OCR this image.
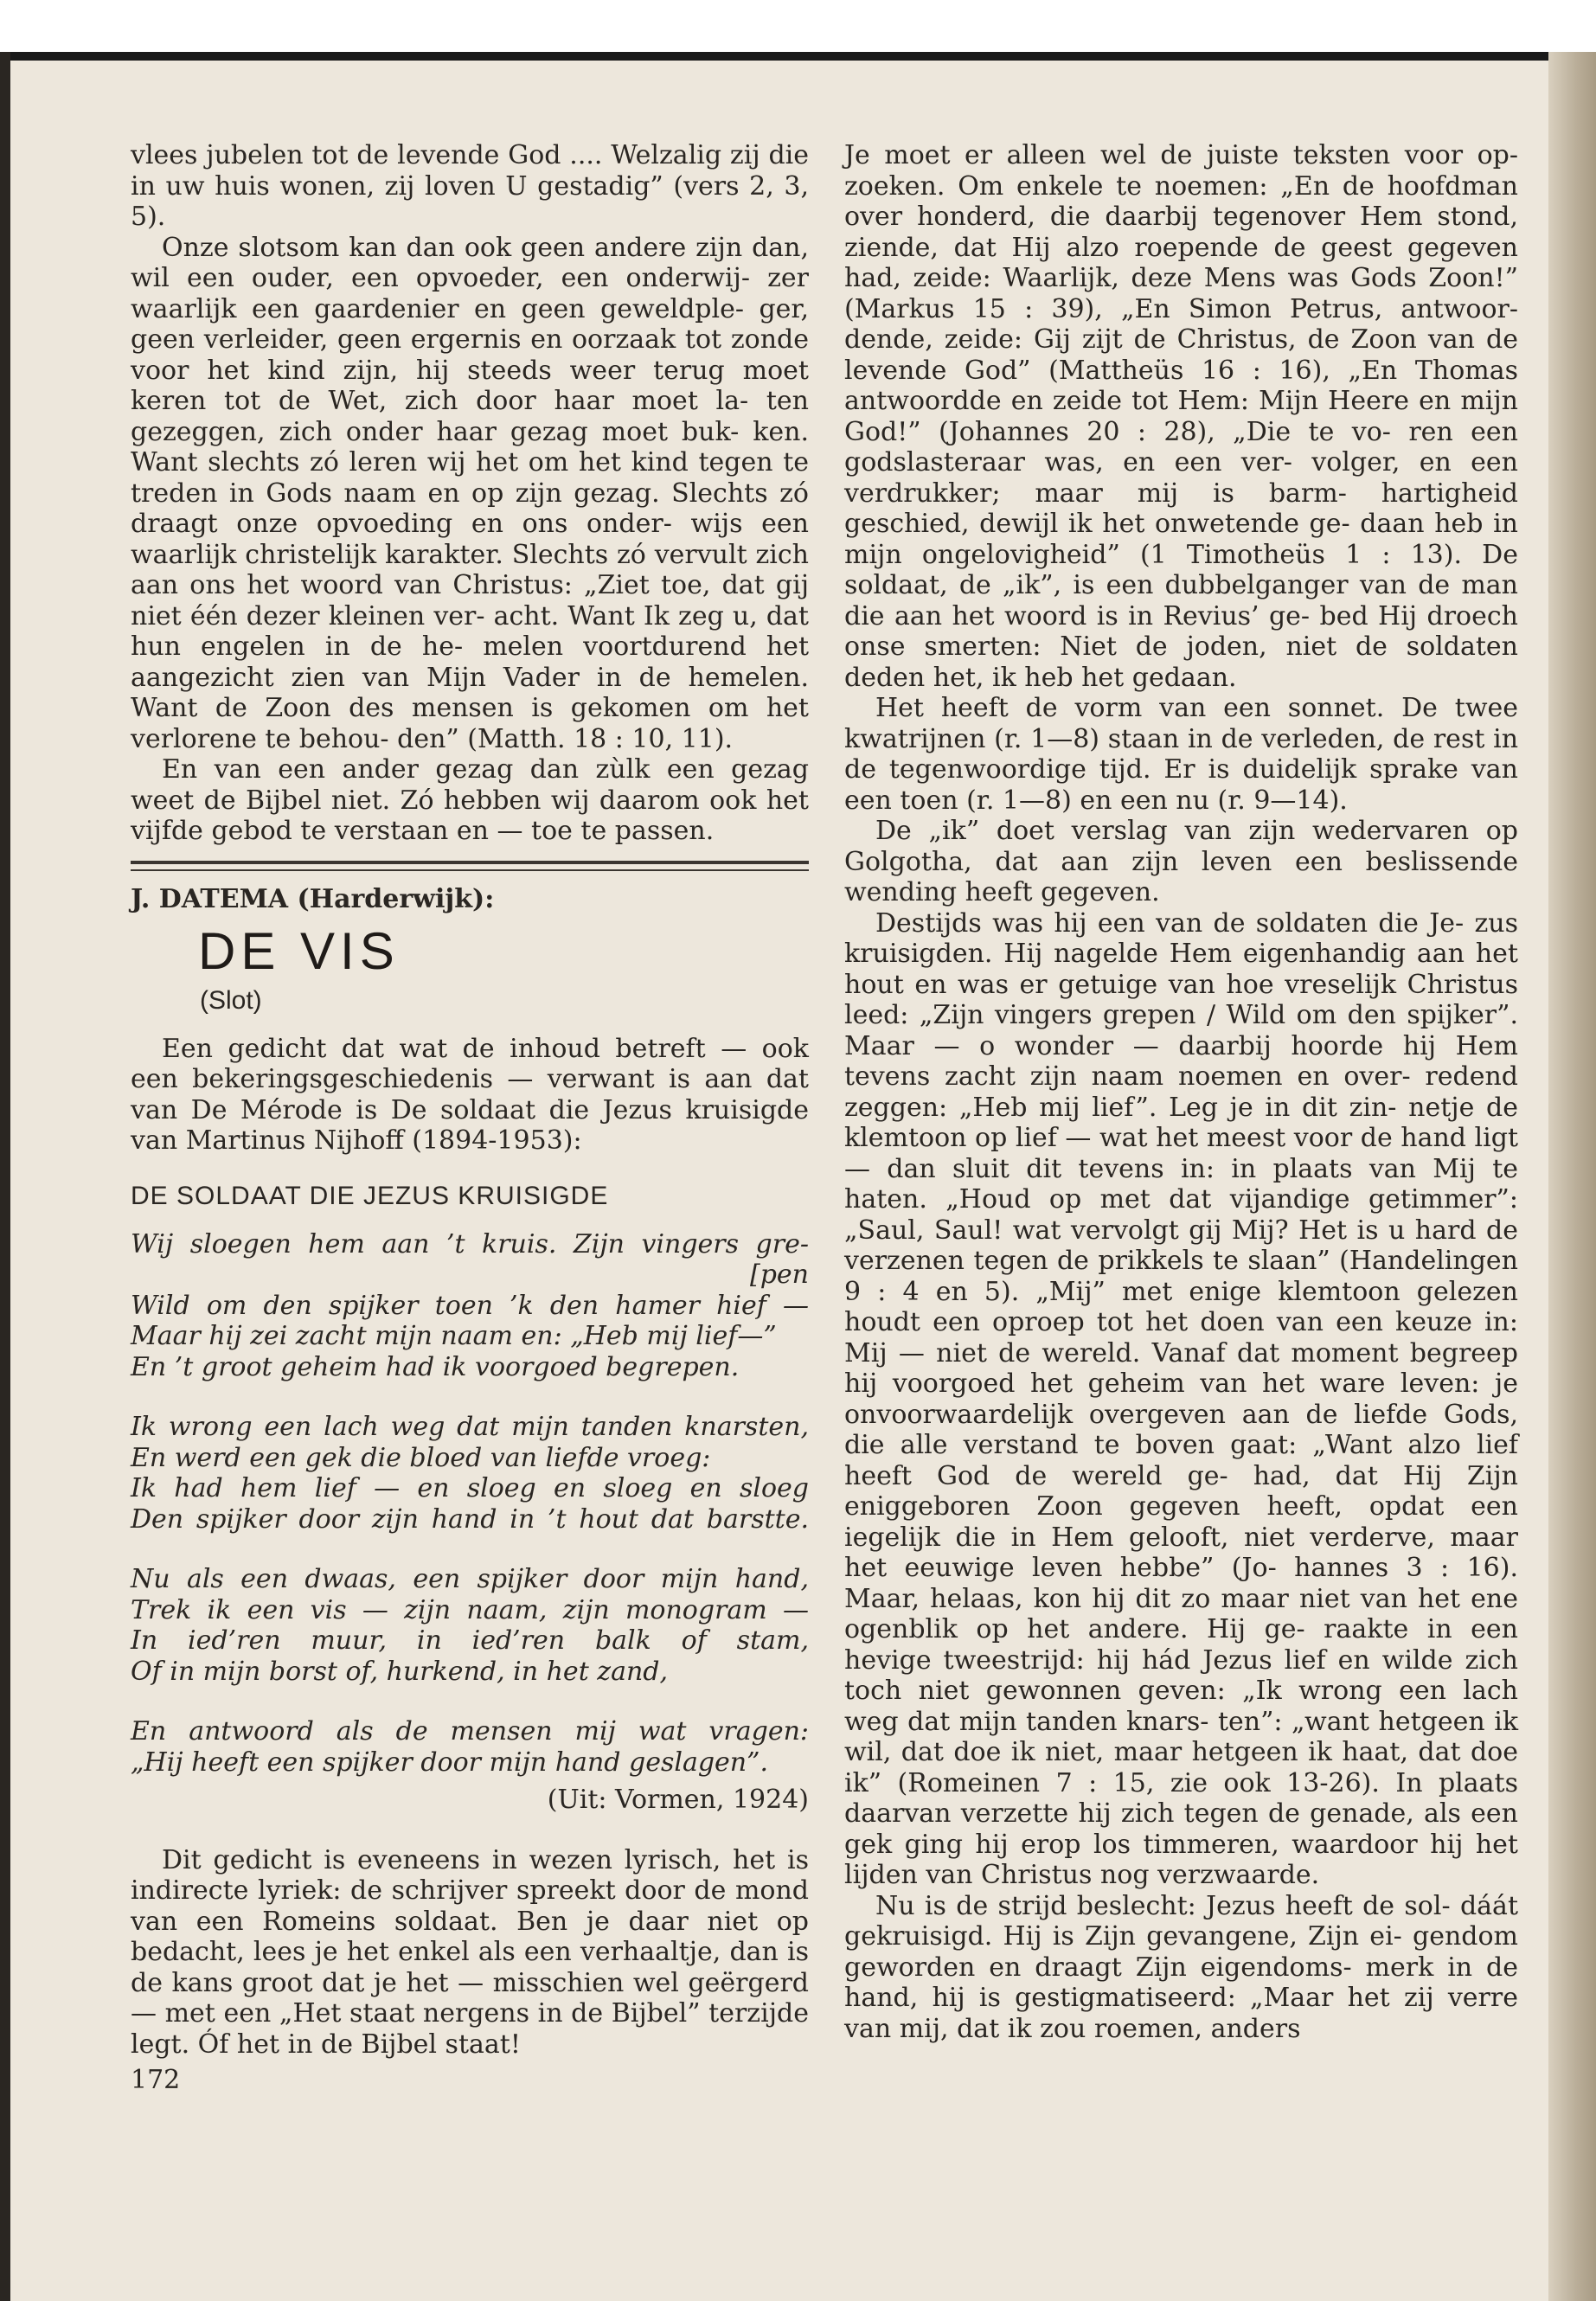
vlees jubelen tot de levende God .... Welzalig zij die in uw huis wonen, zij loven U gestadig” (vers 2, 3, 5).

Onze slotsom kan dan ook geen andere zijn dan, wil een ouder, een opvoeder, een onderwij- zer waarlijk een gaardenier en geen geweldple- ger, geen verleider, geen ergernis en oorzaak tot zonde voor het kind zijn, hij steeds weer terug moet keren tot de Wet, zich door haar moet la- ten gezeggen, zich onder haar gezag moet buk- ken. Want slechts zó leren wij het om het kind tegen te treden in Gods naam en op zijn gezag. Slechts zó draagt onze opvoeding en ons onder- wijs een waarlijk christelijk karakter. Slechts zó vervult zich aan ons het woord van Christus: „Ziet toe, dat gij niet één dezer kleinen ver- acht. Want Ik zeg u, dat hun engelen in de he- melen voortdurend het aangezicht zien van Mijn Vader in de hemelen. Want de Zoon des mensen is gekomen om het verlorene te behou- den” (Matth. 18 : 10, 11).

En van een ander gezag dan zùlk een gezag weet de Bijbel niet. Zó hebben wij daarom ook het vijfde gebod te verstaan en — toe te passen.

J. DATEMA (Harderwijk):
DE VIS
(Slot)

Een gedicht dat wat de inhoud betreft — ook een bekeringsgeschiedenis — verwant is aan dat van De Mérode is De soldaat die Jezus kruisigde van Martinus Nijhoff (1894-1953):

DE SOLDAAT DIE JEZUS KRUISIGDE
Wij sloegen hem aan ’t kruis. Zijn vingers gre-
[pen
Wild om den spijker toen ’k den hamer hief —
Maar hij zei zacht mijn naam en: „Heb mij lief—”
En ’t groot geheim had ik voorgoed begrepen.
Ik wrong een lach weg dat mijn tanden knarsten,
En werd een gek die bloed van liefde vroeg:
Ik had hem lief — en sloeg en sloeg en sloeg
Den spijker door zijn hand in ’t hout dat barstte.
Nu als een dwaas, een spijker door mijn hand,
Trek ik een vis — zijn naam, zijn monogram —
In ied’ren muur, in ied’ren balk of stam,
Of in mijn borst of, hurkend, in het zand,
En antwoord als de mensen mij wat vragen:
„Hij heeft een spijker door mijn hand geslagen”.
(Uit: Vormen, 1924)

Dit gedicht is eveneens in wezen lyrisch, het is indirecte lyriek: de schrijver spreekt door de mond van een Romeins soldaat. Ben je daar niet op bedacht, lees je het enkel als een verhaaltje, dan is de kans groot dat je het — misschien wel geërgerd — met een „Het staat nergens in de Bijbel” terzijde legt. Óf het in de Bijbel staat!

172

Je moet er alleen wel de juiste teksten voor op- zoeken. Om enkele te noemen: „En de hoofdman over honderd, die daarbij tegenover Hem stond, ziende, dat Hij alzo roepende de geest gegeven had, zeide: Waarlijk, deze Mens was Gods Zoon!” (Markus 15 : 39), „En Simon Petrus, antwoor- dende, zeide: Gij zijt de Christus, de Zoon van de levende God” (Mattheüs 16 : 16), „En Thomas antwoordde en zeide tot Hem: Mijn Heere en mijn God!” (Johannes 20 : 28), „Die te vo- ren een godslasteraar was, en een ver- volger, en een verdrukker; maar mij is barm- hartigheid geschied, dewijl ik het onwetende ge- daan heb in mijn ongelovigheid” (1 Timotheüs 1 : 13). De soldaat, de „ik”, is een dubbelganger van de man die aan het woord is in Revius’ ge- bed Hij droech onse smerten: Niet de joden, niet de soldaten deden het, ik heb het gedaan.

Het heeft de vorm van een sonnet. De twee kwatrijnen (r. 1—8) staan in de verleden, de rest in de tegenwoordige tijd. Er is duidelijk sprake van een toen (r. 1—8) en een nu (r. 9—14).

De „ik” doet verslag van zijn wedervaren op Golgotha, dat aan zijn leven een beslissende wending heeft gegeven.

Destijds was hij een van de soldaten die Je- zus kruisigden. Hij nagelde Hem eigenhandig aan het hout en was er getuige van hoe vreselijk Christus leed: „Zijn vingers grepen / Wild om den spijker”. Maar — o wonder — daarbij hoorde hij Hem tevens zacht zijn naam noemen en over- redend zeggen: „Heb mij lief”. Leg je in dit zin- netje de klemtoon op lief — wat het meest voor de hand ligt — dan sluit dit tevens in: in plaats van Mij te haten. „Houd op met dat vijandige getimmer”: „Saul, Saul! wat vervolgt gij Mij? Het is u hard de verzenen tegen de prikkels te slaan” (Handelingen 9 : 4 en 5). „Mij” met enige klemtoon gelezen houdt een oproep tot het doen van een keuze in: Mij — niet de wereld. Vanaf dat moment begreep hij voorgoed het geheim van het ware leven: je onvoorwaardelijk overgeven aan de liefde Gods, die alle verstand te boven gaat: „Want alzo lief heeft God de wereld ge- had, dat Hij Zijn eniggeboren Zoon gegeven heeft, opdat een iegelijk die in Hem gelooft, niet verderve, maar het eeuwige leven hebbe” (Jo- hannes 3 : 16). Maar, helaas, kon hij dit zo maar niet van het ene ogenblik op het andere. Hij ge- raakte in een hevige tweestrijd: hij hád Jezus lief en wilde zich toch niet gewonnen geven: „Ik wrong een lach weg dat mijn tanden knars- ten”: „want hetgeen ik wil, dat doe ik niet, maar hetgeen ik haat, dat doe ik” (Romeinen 7 : 15, zie ook 13-26). In plaats daarvan verzette hij zich tegen de genade, als een gek ging hij erop los timmeren, waardoor hij het lijden van Christus nog verzwaarde.

Nu is de strijd beslecht: Jezus heeft de sol- dáát gekruisigd. Hij is Zijn gevangene, Zijn ei- gendom geworden en draagt Zijn eigendoms- merk in de hand, hij is gestigmatiseerd: „Maar het zij verre van mij, dat ik zou roemen, anders
